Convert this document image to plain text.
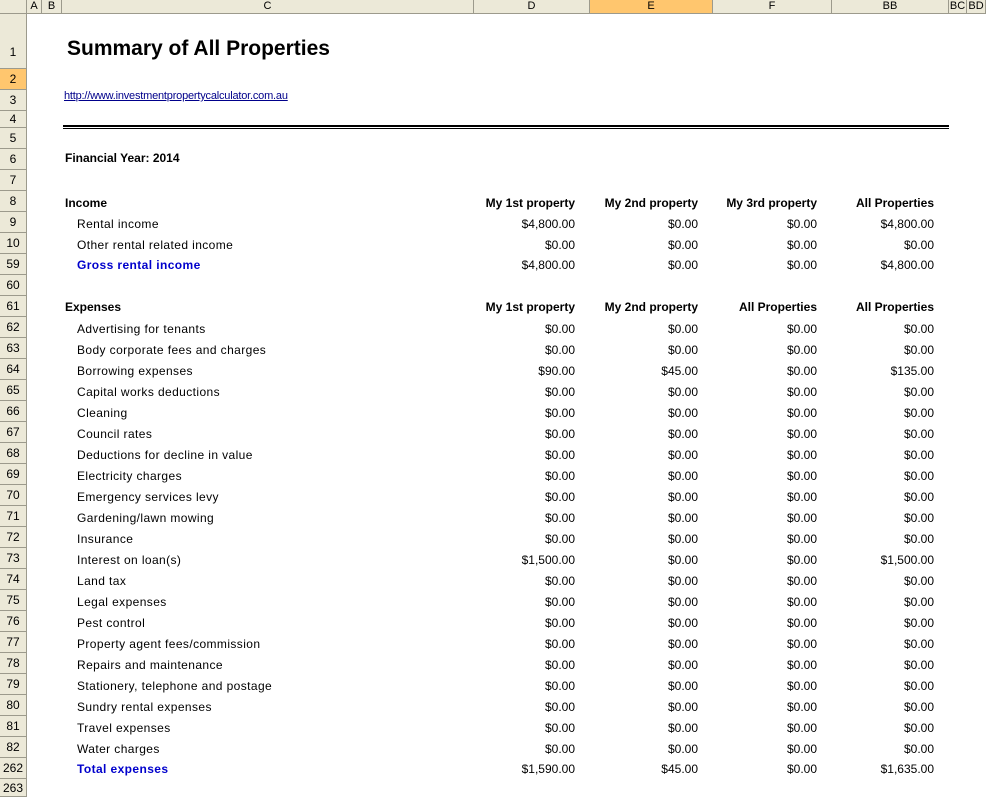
A B	C	D	E	F	BB	BC BD
1
2
3
4
5
6
7
8
9
10
59
60
61
62
63
64
65
66
67
68
69
70
71
72
73
74
75
76
77
78
79
80
81
82
262
263
Summary of All Properties
http://www.investmentpropertycalculator.com.au
Financial Year: 2014
Income	My 1st property	My 2nd property	My 3rd property	All Properties
Rental income	$4,800.00	$0.00	$0.00	$4,800.00
Other rental related income	$0.00	$0.00	$0.00	$0.00
Gross rental income	$4,800.00	$0.00	$0.00	$4,800.00
Expenses	My 1st property	My 2nd property	All Properties	All Properties
Advertising for tenants	$0.00	$0.00	$0.00	$0.00
Body corporate fees and charges	$0.00	$0.00	$0.00	$0.00
Borrowing expenses	$90.00	$45.00	$0.00	$135.00
Capital works deductions	$0.00	$0.00	$0.00	$0.00
Cleaning	$0.00	$0.00	$0.00	$0.00
Council rates	$0.00	$0.00	$0.00	$0.00
Deductions for decline in value	$0.00	$0.00	$0.00	$0.00
Electricity charges	$0.00	$0.00	$0.00	$0.00
Emergency services levy	$0.00	$0.00	$0.00	$0.00
Gardening/lawn mowing	$0.00	$0.00	$0.00	$0.00
Insurance	$0.00	$0.00	$0.00	$0.00
Interest on loan(s)	$1,500.00	$0.00	$0.00	$1,500.00
Land tax	$0.00	$0.00	$0.00	$0.00
Legal expenses	$0.00	$0.00	$0.00	$0.00
Pest control	$0.00	$0.00	$0.00	$0.00
Property agent fees/commission	$0.00	$0.00	$0.00	$0.00
Repairs and maintenance	$0.00	$0.00	$0.00	$0.00
Stationery, telephone and postage	$0.00	$0.00	$0.00	$0.00
Sundry rental expenses	$0.00	$0.00	$0.00	$0.00
Travel expenses	$0.00	$0.00	$0.00	$0.00
Water charges	$0.00	$0.00	$0.00	$0.00
Total expenses	$1,590.00	$45.00	$0.00	$1,635.00
